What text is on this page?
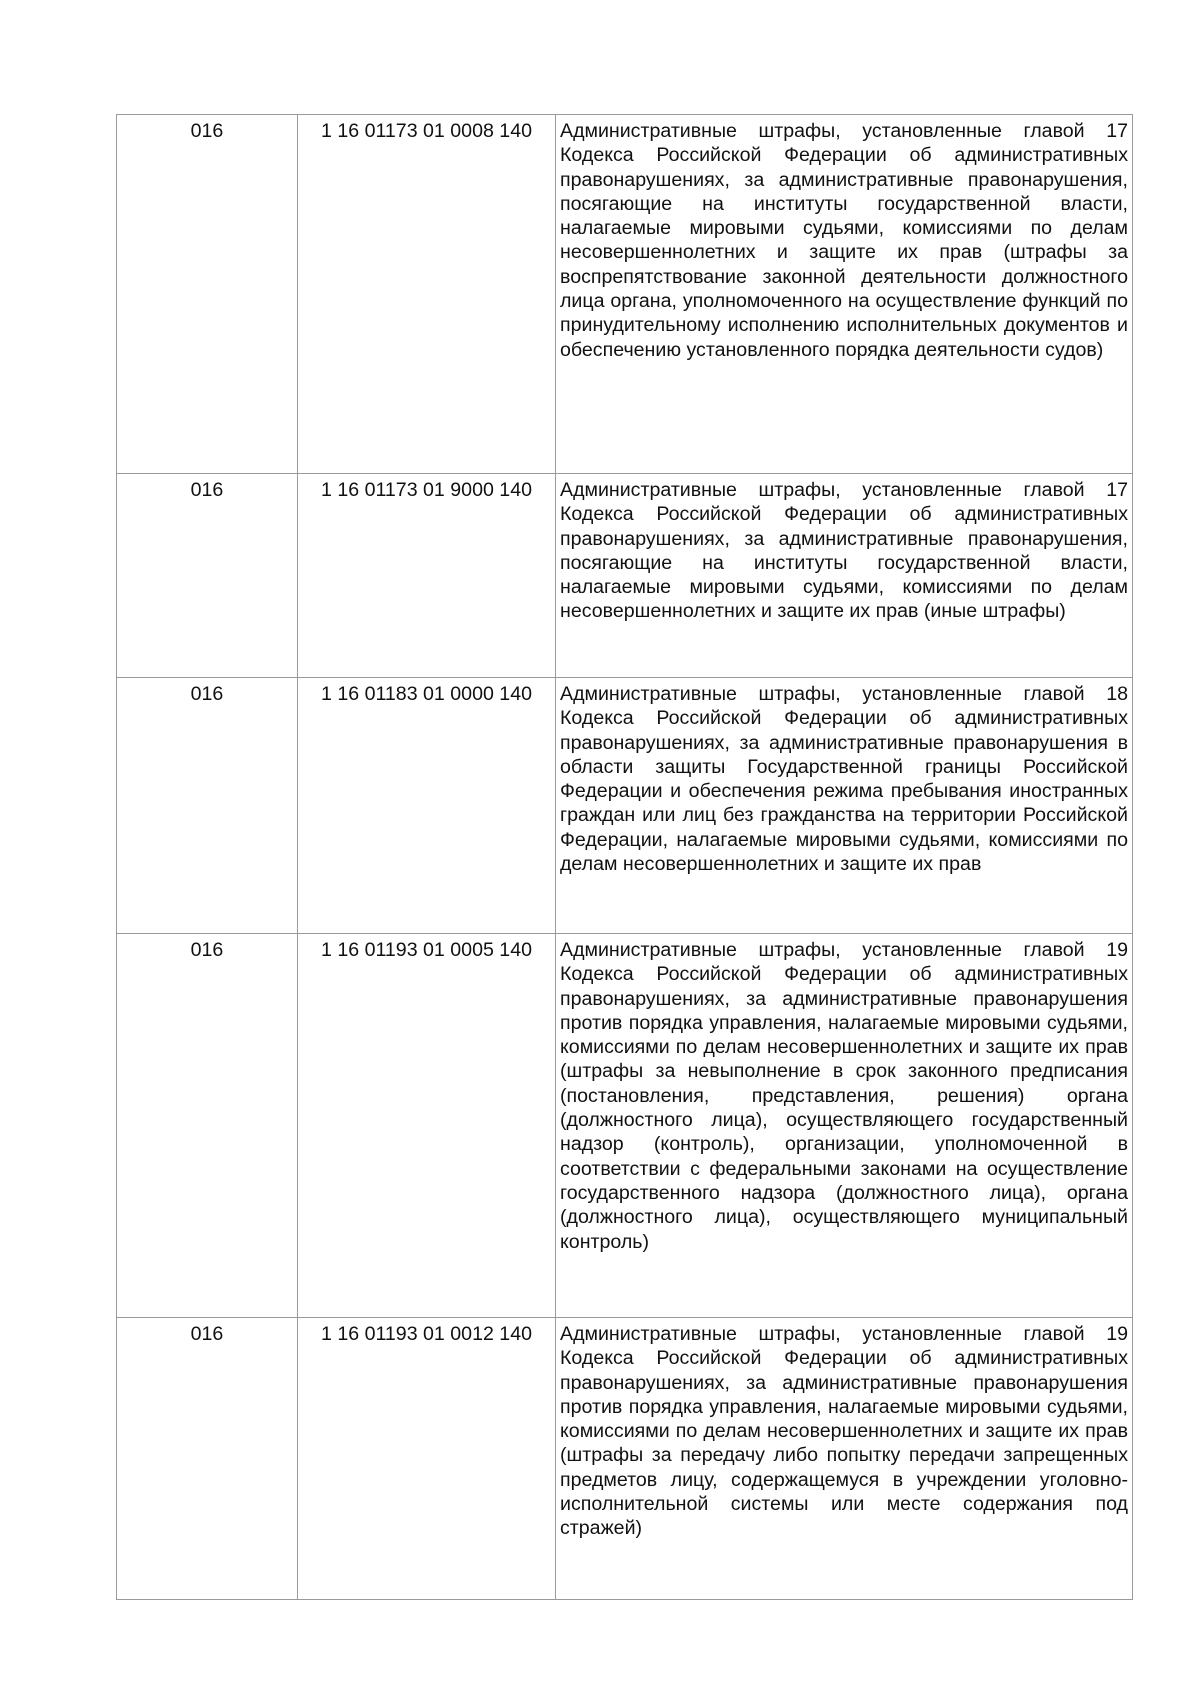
016	1 16 01173 01 0008 140	Административные штрафы, установленные главой 17 Кодекса Российской Федерации об административных правонарушениях, за административные правонарушения, посягающие на институты государственной власти, налагаемые мировыми судьями, комиссиями по делам несовершеннолетних и защите их прав (штрафы за воспрепятствование законной деятельности должностного лица органа, уполномоченного на осуществление функций по принудительному исполнению исполнительных документов и обеспечению установленного порядка деятельности судов)

016	1 16 01173 01 9000 140	Административные штрафы, установленные главой 17 Кодекса Российской Федерации об административных правонарушениях, за административные правонарушения, посягающие на институты государственной власти, налагаемые мировыми судьями, комиссиями по делам несовершеннолетних и защите их прав (иные штрафы)

016	1 16 01183 01 0000 140	Административные штрафы, установленные главой 18 Кодекса Российской Федерации об административных правонарушениях, за административные правонарушения в области защиты Государственной границы Российской Федерации и обеспечения режима пребывания иностранных граждан или лиц без гражданства на территории Российской Федерации, налагаемые мировыми судьями, комиссиями по делам несовершеннолетних и защите их прав

016	1 16 01193 01 0005 140	Административные штрафы, установленные главой 19 Кодекса Российской Федерации об административных правонарушениях, за административные правонарушения против порядка управления, налагаемые мировыми судьями, комиссиями по делам несовершеннолетних и защите их прав (штрафы за невыполнение в срок законного предписания (постановления, представления, решения) органа (должностного лица), осуществляющего государственный надзор (контроль), организации, уполномоченной в соответствии с федеральными законами на осуществление государственного надзора (должностного лица), органа (должностного лица), осуществляющего муниципальный контроль)

016	1 16 01193 01 0012 140	Административные штрафы, установленные главой 19 Кодекса Российской Федерации об административных правонарушениях, за административные правонарушения против порядка управления, налагаемые мировыми судьями, комиссиями по делам несовершеннолетних и защите их прав (штрафы за передачу либо попытку передачи запрещенных предметов лицу, содержащемуся в учреждении уголовно-исполнительной системы или месте содержания под стражей)
